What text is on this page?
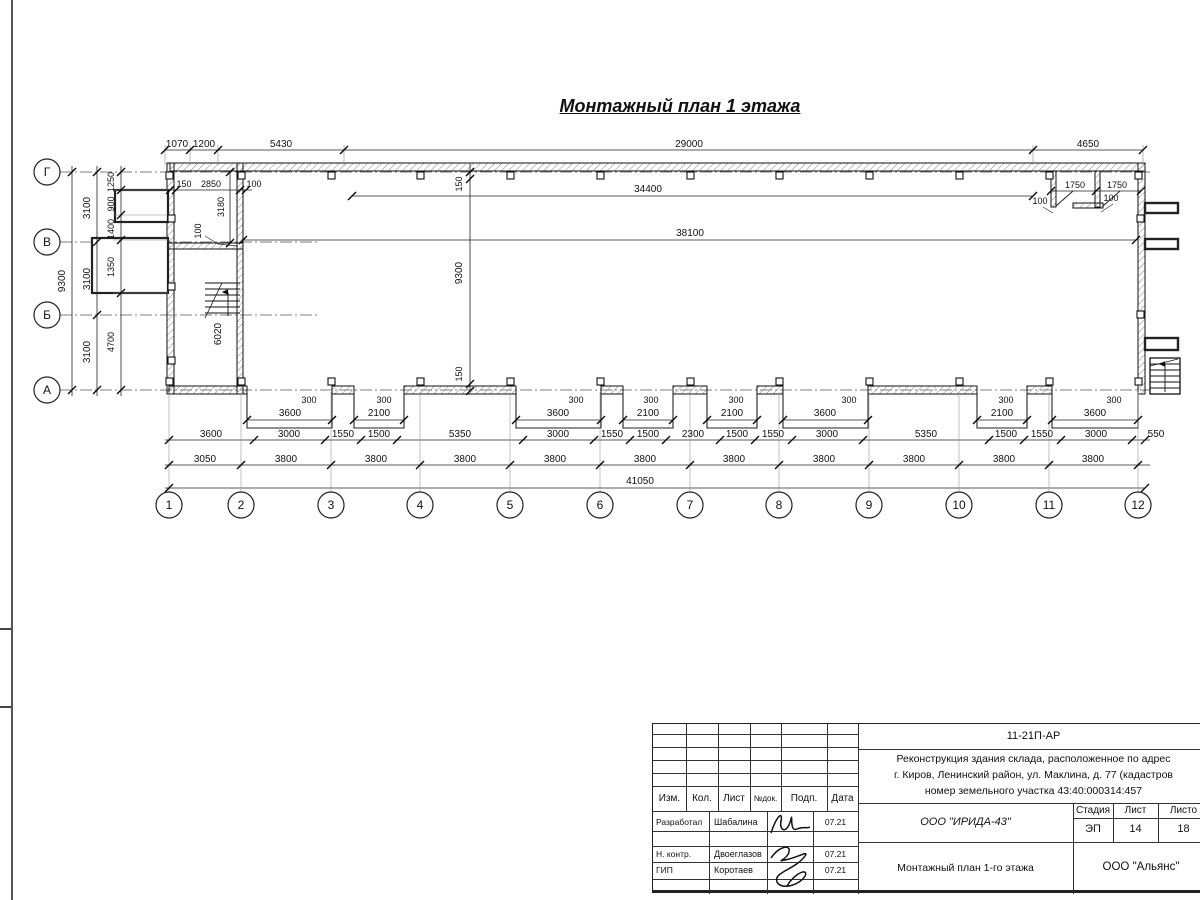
Монтажный план 1 этажа
Г
В
Б
А
1	2	3	4	5	6	7	8	9	10	11	12
1070 1200	5430	29000	4650
150 2850	100
3180
100
150
150
34400
38100
9300
6020
1750 1750
100	100
9300
3100
3100
3100
1250
900
1400
1350
4700
3600	2100	3600	2100	2100	3600	2100	3600
300	300	300	300	300	300	300	300
3600	3000	1550 1500	5350	3000	1550 1500 2300 1500 1550	3000	5350	1500 1550	3000	550
3050	3800	3800	3800	3800	3800	3800	3800	3800	3800	3800
41050
11-21П-АР
Реконструкция здания склада, расположенное по адрес
г. Киров, Ленинский район, ул. Маклина, д. 77 (кадастров
номер земельного участка 43:40:000314:457
ООО "ИРИДА-43"
Стадия	Лист	Листо
ЭП	14	18
Монтажный план 1-го этажа	ООО "Альянс"
Изм.	Кол.	Лист	№док.	Подп.	Дата
Разработал	Шабалина	07.21
Н. контр.	Двоеглазов	07.21
ГИП	Коротаев	07.21
